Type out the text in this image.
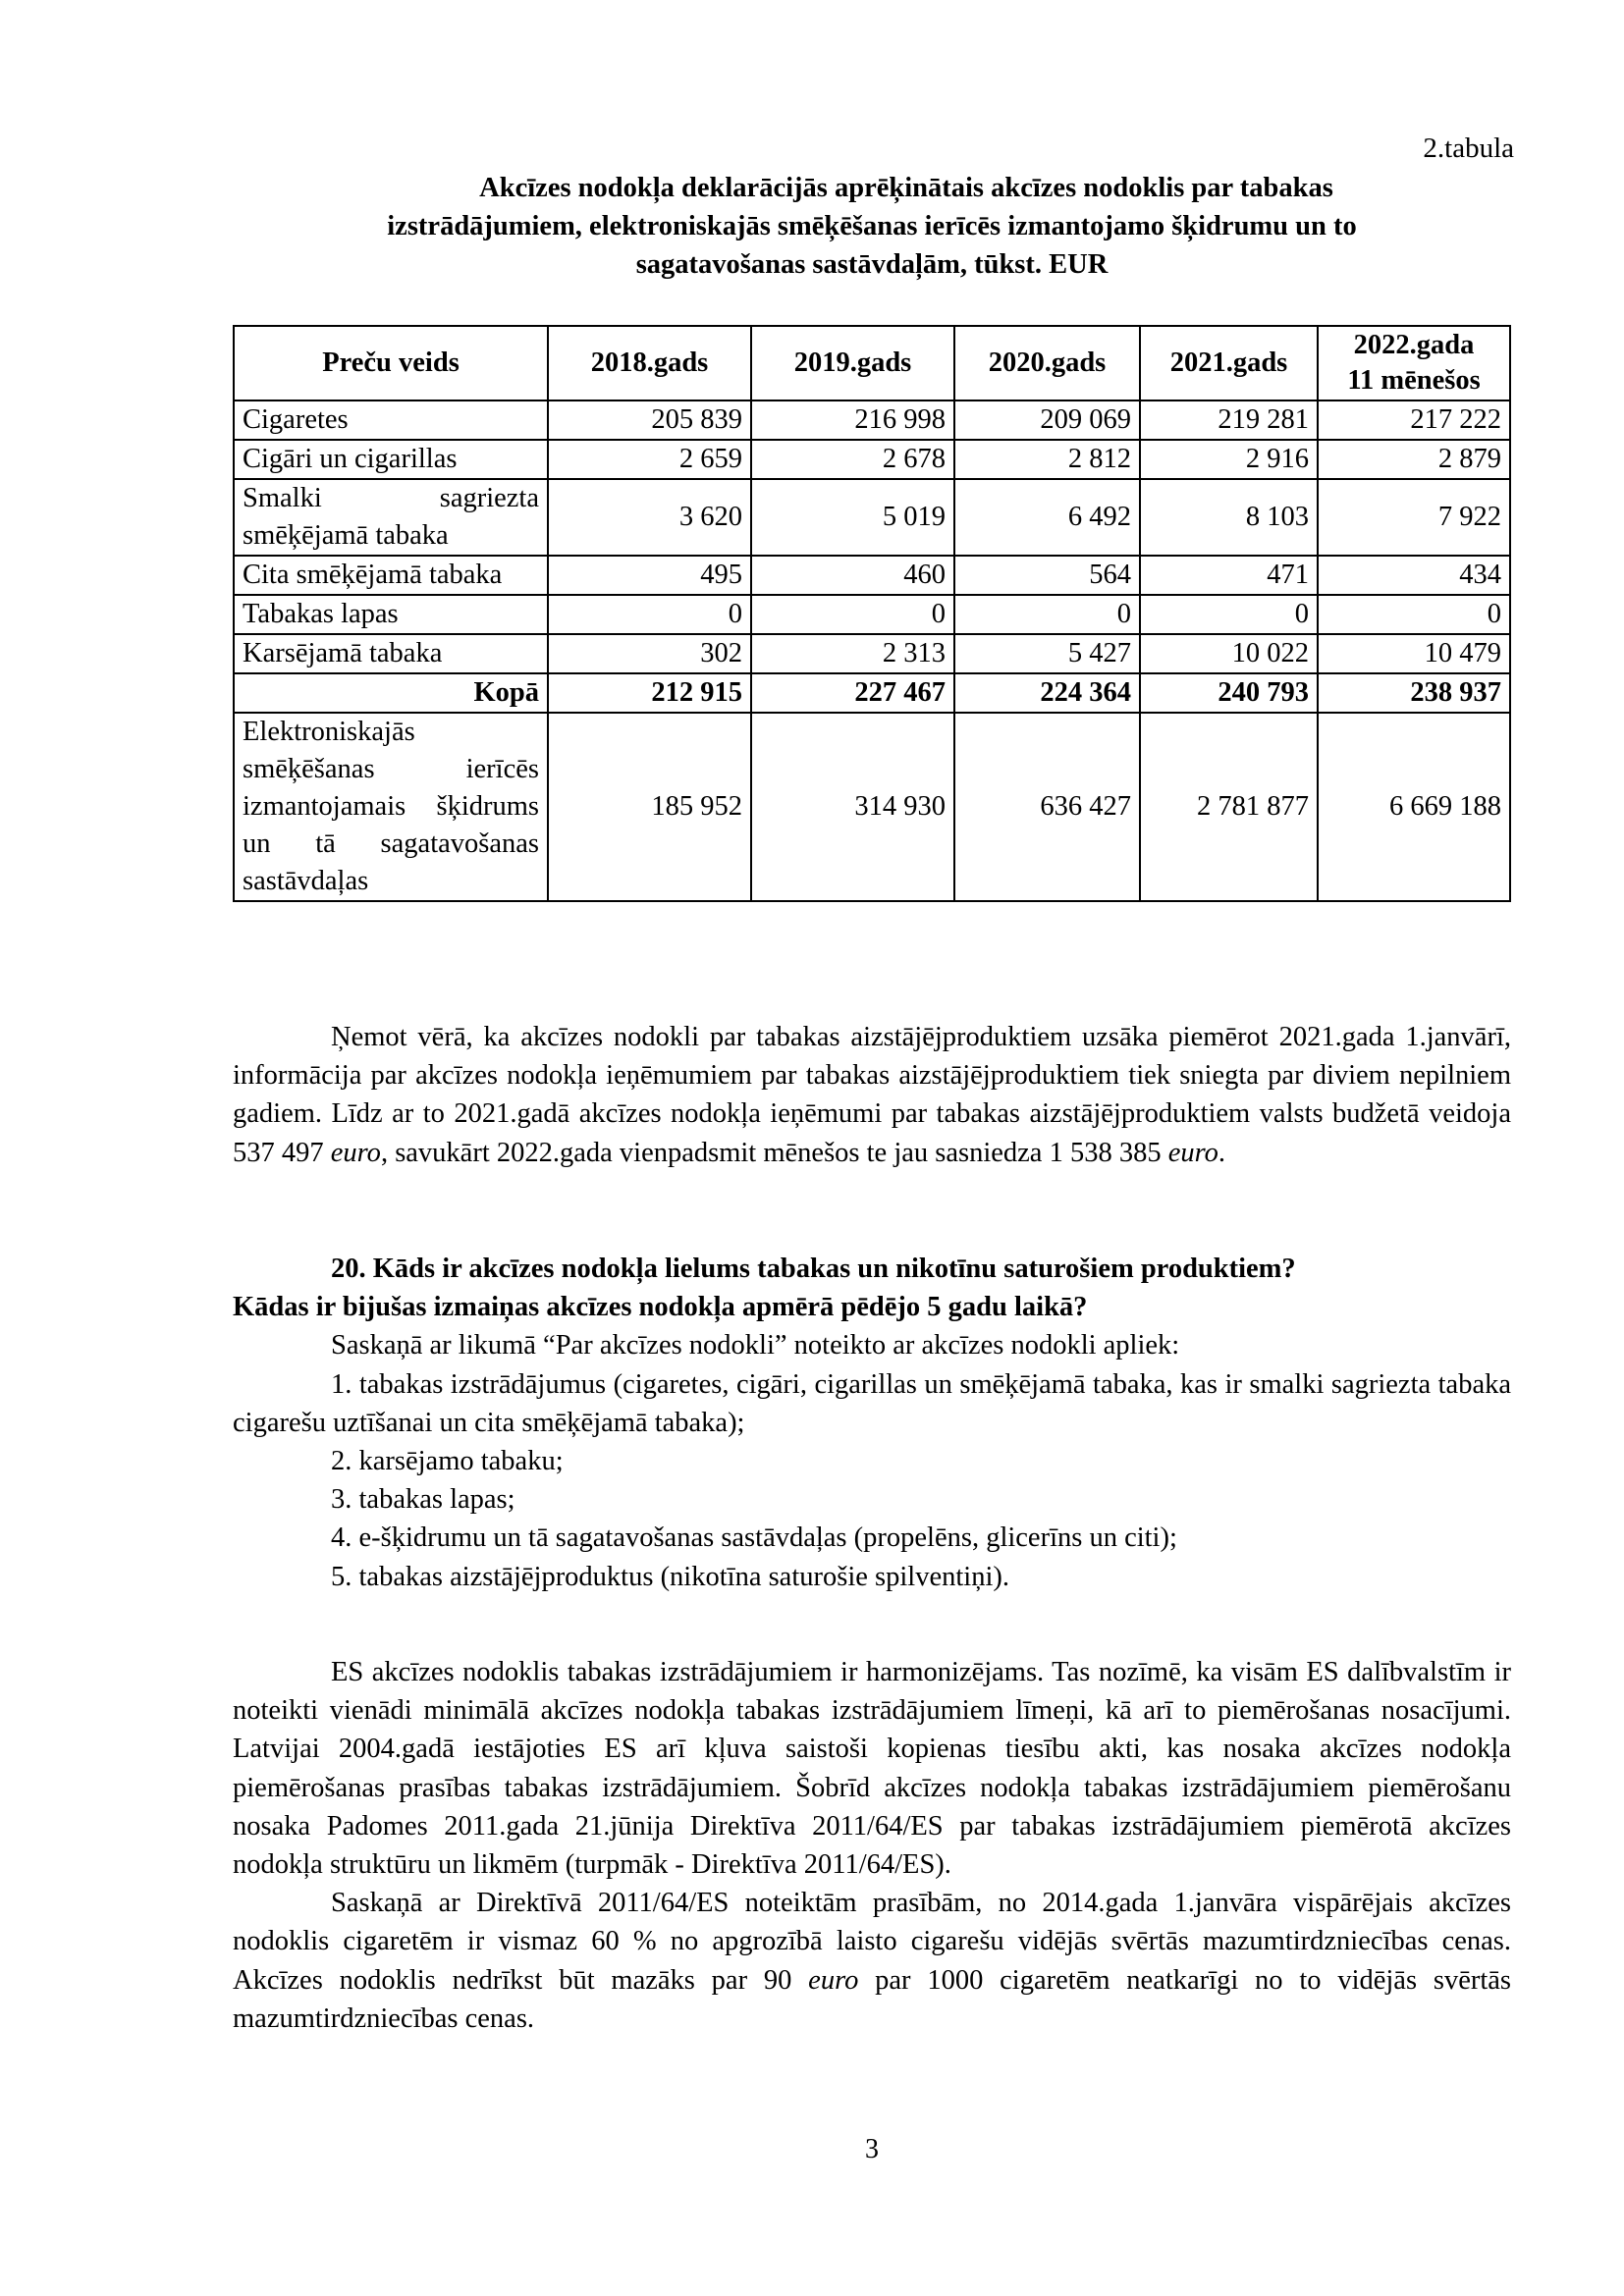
2.tabula
Akcīzes nodokļa deklarācijās aprēķinātais akcīzes nodoklis par tabakas
izstrādājumiem, elektroniskajās smēķēšanas ierīcēs izmantojamo šķidrumu un to
sagatavošanas sastāvdaļām, tūkst. EUR
Preču veids	2018.gads	2019.gads	2020.gads	2021.gads	2022.gada
11 mēnešos
Cigaretes	205 839	216 998	209 069	219 281	217 222
Cigāri un cigarillas	2 659	2 678	2 812	2 916	2 879
Smalki sagriezta smēķējamā tabaka	3 620	5 019	6 492	8 103	7 922
Cita smēķējamā tabaka	495	460	564	471	434
Tabakas lapas	0	0	0	0	0
Karsējamā tabaka	302	2 313	5 427	10 022	10 479
Kopā	212 915	227 467	224 364	240 793	238 937
Elektroniskajās smēķēšanas ierīcēs izmantojamais šķidrums un tā sagatavošanas sastāvdaļas	185 952	314 930	636 427	2 781 877	6 669 188

Ņemot vērā, ka akcīzes nodokli par tabakas aizstājējproduktiem uzsāka piemērot 2021.gada 1.janvārī, informācija par akcīzes nodokļa ieņēmumiem par tabakas aizstājējproduktiem tiek sniegta par diviem nepilniem gadiem. Līdz ar to 2021.gadā akcīzes nodokļa ieņēmumi par tabakas aizstājējproduktiem valsts budžetā veidoja 537 497 euro, savukārt 2022.gada vienpadsmit mēnešos te jau sasniedza 1 538 385 euro.

20. Kāds ir akcīzes nodokļa lielums tabakas un nikotīnu saturošiem produktiem?

Kādas ir bijušas izmaiņas akcīzes nodokļa apmērā pēdējo 5 gadu laikā?

Saskaņā ar likumā “Par akcīzes nodokli” noteikto ar akcīzes nodokli apliek:

1. tabakas izstrādājumus (cigaretes, cigāri, cigarillas un smēķējamā tabaka, kas ir smalki sagriezta tabaka cigarešu uztīšanai un cita smēķējamā tabaka);

2. karsējamo tabaku;

3. tabakas lapas;

4. e-šķidrumu un tā sagatavošanas sastāvdaļas (propelēns, glicerīns un citi);

5. tabakas aizstājējproduktus (nikotīna saturošie spilventiņi).

ES akcīzes nodoklis tabakas izstrādājumiem ir harmonizējams. Tas nozīmē, ka visām ES dalībvalstīm ir noteikti vienādi minimālā akcīzes nodokļa tabakas izstrādājumiem līmeņi, kā arī to piemērošanas nosacījumi. Latvijai 2004.gadā iestājoties ES arī kļuva saistoši kopienas tiesību akti, kas nosaka akcīzes nodokļa piemērošanas prasības tabakas izstrādājumiem. Šobrīd akcīzes nodokļa tabakas izstrādājumiem piemērošanu nosaka Padomes 2011.gada 21.jūnija Direktīva 2011/64/ES par tabakas izstrādājumiem piemērotā akcīzes nodokļa struktūru un likmēm (turpmāk - Direktīva 2011/64/ES).

Saskaņā ar Direktīvā 2011/64/ES noteiktām prasībām, no 2014.gada 1.janvāra vispārējais akcīzes nodoklis cigaretēm ir vismaz 60 % no apgrozībā laisto cigarešu vidējās svērtās mazumtirdzniecības cenas. Akcīzes nodoklis nedrīkst būt mazāks par 90 euro par 1000 cigaretēm neatkarīgi no to vidējās svērtās mazumtirdzniecības cenas.

3
